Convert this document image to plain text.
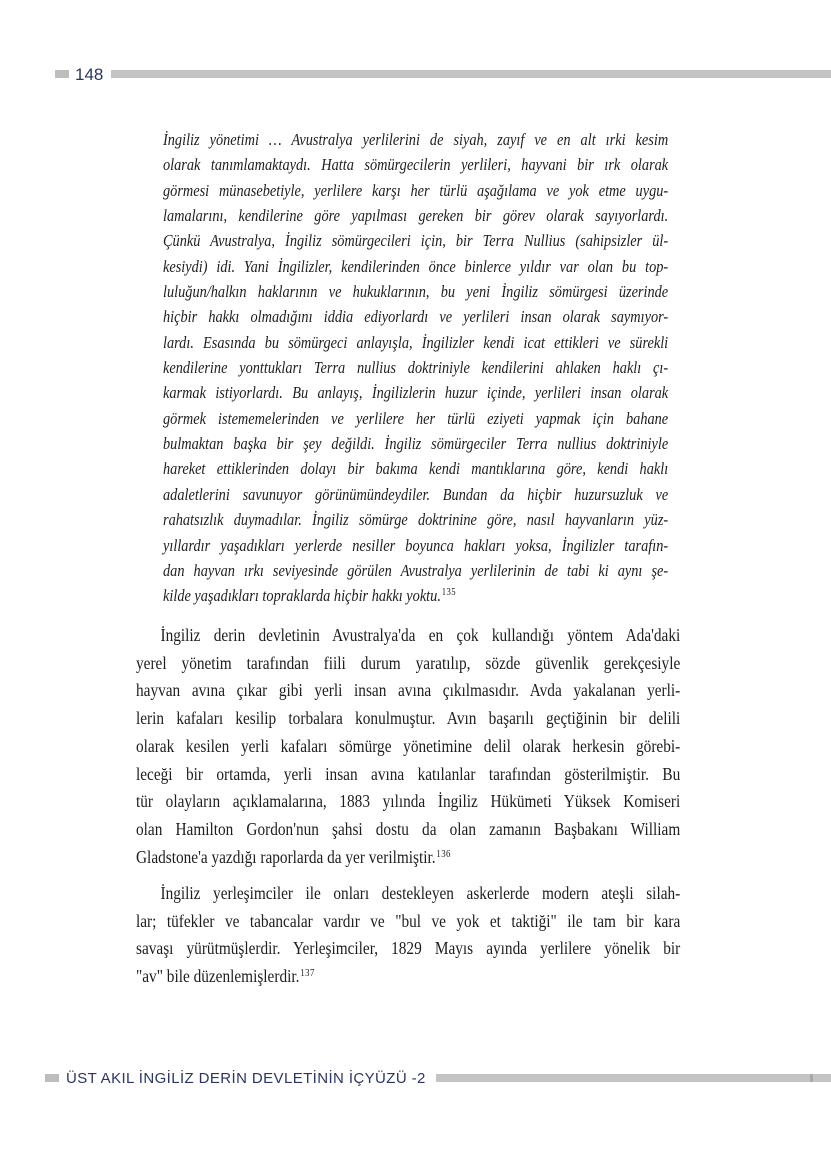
148
İngiliz yönetimi … Avustralya yerlilerini de siyah, zayıf ve en alt ırki kesim
olarak tanımlamaktaydı. Hatta sömürgecilerin yerlileri, hayvani bir ırk olarak
görmesi münasebetiyle, yerlilere karşı her türlü aşağılama ve yok etme uygu-
lamalarını, kendilerine göre yapılması gereken bir görev olarak sayıyorlardı.
Çünkü Avustralya, İngiliz sömürgecileri için, bir Terra Nullius (sahipsizler ül-
kesiydi) idi. Yani İngilizler, kendilerinden önce binlerce yıldır var olan bu top-
luluğun/halkın haklarının ve hukuklarının, bu yeni İngiliz sömürgesi üzerinde
hiçbir hakkı olmadığını iddia ediyorlardı ve yerlileri insan olarak saymıyor-
lardı. Esasında bu sömürgeci anlayışla, İngilizler kendi icat ettikleri ve sürekli
kendilerine yonttukları Terra nullius doktriniyle kendilerini ahlaken haklı çı-
karmak istiyorlardı. Bu anlayış, İngilizlerin huzur içinde, yerlileri insan olarak
görmek istememelerinden ve yerlilere her türlü eziyeti yapmak için bahane
bulmaktan başka bir şey değildi. İngiliz sömürgeciler Terra nullius doktriniyle
hareket ettiklerinden dolayı bir bakıma kendi mantıklarına göre, kendi haklı
adaletlerini savunuyor görünümündeydiler. Bundan da hiçbir huzursuzluk ve
rahatsızlık duymadılar. İngiliz sömürge doktrinine göre, nasıl hayvanların yüz-
yıllardır yaşadıkları yerlerde nesiller boyunca hakları yoksa, İngilizler tarafın-
dan hayvan ırkı seviyesinde görülen Avustralya yerlilerinin de tabi ki aynı şe-
kilde yaşadıkları topraklarda hiçbir hakkı yoktu.$^{135}$
İngiliz derin devletinin Avustralya'da en çok kullandığı yöntem Ada'daki
yerel yönetim tarafından fiili durum yaratılıp, sözde güvenlik gerekçesiyle
hayvan avına çıkar gibi yerli insan avına çıkılmasıdır. Avda yakalanan yerli-
lerin kafaları kesilip torbalara konulmuştur. Avın başarılı geçtiğinin bir delili
olarak kesilen yerli kafaları sömürge yönetimine delil olarak herkesin görebi-
leceği bir ortamda, yerli insan avına katılanlar tarafından gösterilmiştir. Bu
tür olayların açıklamalarına, 1883 yılında İngiliz Hükümeti Yüksek Komiseri
olan Hamilton Gordon'nun şahsi dostu da olan zamanın Başbakanı William
Gladstone'a yazdığı raporlarda da yer verilmiştir.$^{136}$
İngiliz yerleşimciler ile onları destekleyen askerlerde modern ateşli silah-
lar; tüfekler ve tabancalar vardır ve "bul ve yok et taktiği" ile tam bir kara
savaşı yürütmüşlerdir. Yerleşimciler, 1829 Mayıs ayında yerlilere yönelik bir
"av" bile düzenlemişlerdir.$^{137}$
ÜST AKIL İNGİLİZ DERİN DEVLETİNİN İÇYÜZÜ -2
